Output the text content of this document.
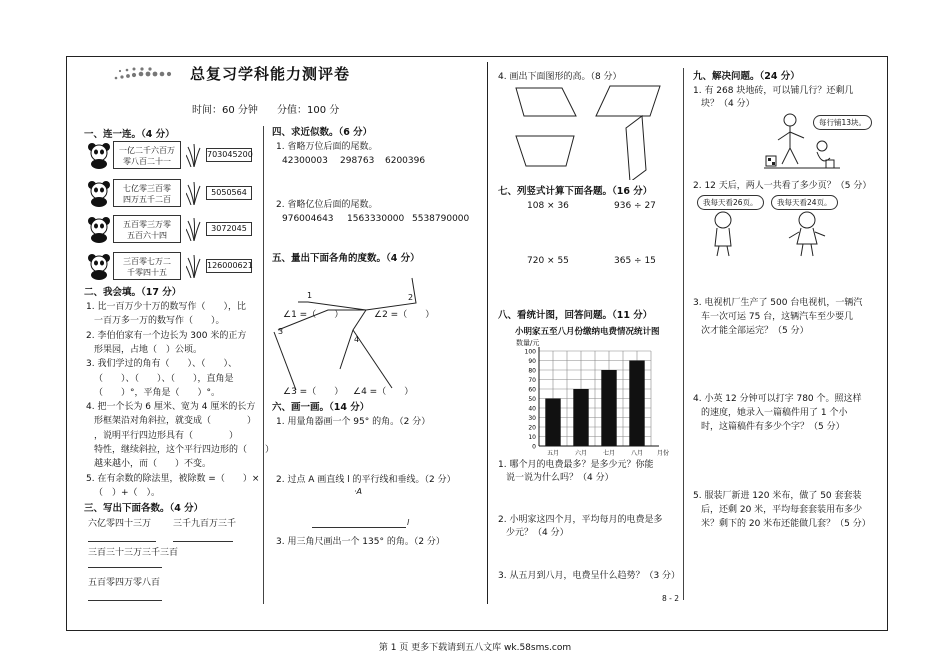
总复习学科能力测评卷
时间：60 分钟 分值：100 分
一、连一连。（4 分）
一亿二千六百万
零八百二十一
703045200
七亿零三百零
四万五千二百
5050564
五百零三万零
五百六十四
3072045
三百零七万二
千零四十五
126000621
二、我会填。（17 分）
1. 比一百万少十万的数写作（　　），比
一百万多一万的数写作（　　）。
2. 李伯伯家有一个边长为 300 米的正方
形果园，占地（　）公顷。
3. 我们学过的角有（　　）、（　　）、
（　　）、（　　）、（　　），直角是
（　　）°，平角是（　　）°。
4. 把一个长为 6 厘米、宽为 4 厘米的长方
形框架沿对角斜拉，就变成（　　　　）
，说明平行四边形具有（　　　　）
特性，继续斜拉，这个平行四边形的（　　）
越来越小，而（　　）不变。
5. 在有余数的除法里，被除数 =（　　）×
（　）+（　）。
三、写出下面各数。（4 分）
六亿零四十三万 三千九百万三千
三百三十三万三千三百
五百零四万零八百
四、求近似数。（6 分）
1. 省略万位后面的尾数。
42300003 298763 6200396
2. 省略亿位后面的尾数。
976004643 1563330000 5538790000
五、量出下面各角的度数。（4 分）
1	2
3
4
∠1 =（　　）	∠2 =（　　）
∠3 =（　　） ∠4 =（　　）
六、画一画。（14 分）
1. 用量角器画一个 95° 的角。（2 分）
2. 过点 A 画直线 l 的平行线和垂线。（2 分）
·A
l
3. 用三角尺画出一个 135° 的角。（2 分）
4. 画出下面图形的高。（8 分）
七、列竖式计算下面各题。（16 分）
108 × 36	936 ÷ 27
720 × 55	365 ÷ 15
八、看统计图，回答问题。（11 分）
小明家五至八月份缴纳电费情况统计图
数量/元
0
10
20
30
40
50
60
70
80
90
100
五月	六月	七月	八月 月份
1. 哪个月的电费最多？是多少元？你能
说一说为什么吗？（4 分）
2. 小明家这四个月，平均每月的电费是多
少元？（4 分）
3. 从五月到八月，电费呈什么趋势？（3 分）
8 - 2
九、解决问题。（24 分）
1. 有 268 块地砖，可以铺几行？还剩几
块？（4 分）
每行铺13块。
2. 12 天后，两人一共看了多少页？（5 分）
我每天看26页。	我每天看24页。
3. 电视机厂生产了 500 台电视机，一辆汽
车一次可运 75 台，这辆汽车至少要几
次才能全部运完？（5 分）
4. 小英 12 分钟可以打字 780 个。照这样
的速度，她录入一篇稿件用了 1 个小
时，这篇稿件有多少个字？（5 分）
5. 服装厂新进 120 米布，做了 50 套套装
后，还剩 20 米，平均每套套装用布多少
米？剩下的 20 米布还能做几套？（5 分）
第 1 页 更多下载请到五八文库 wk.58sms.com
